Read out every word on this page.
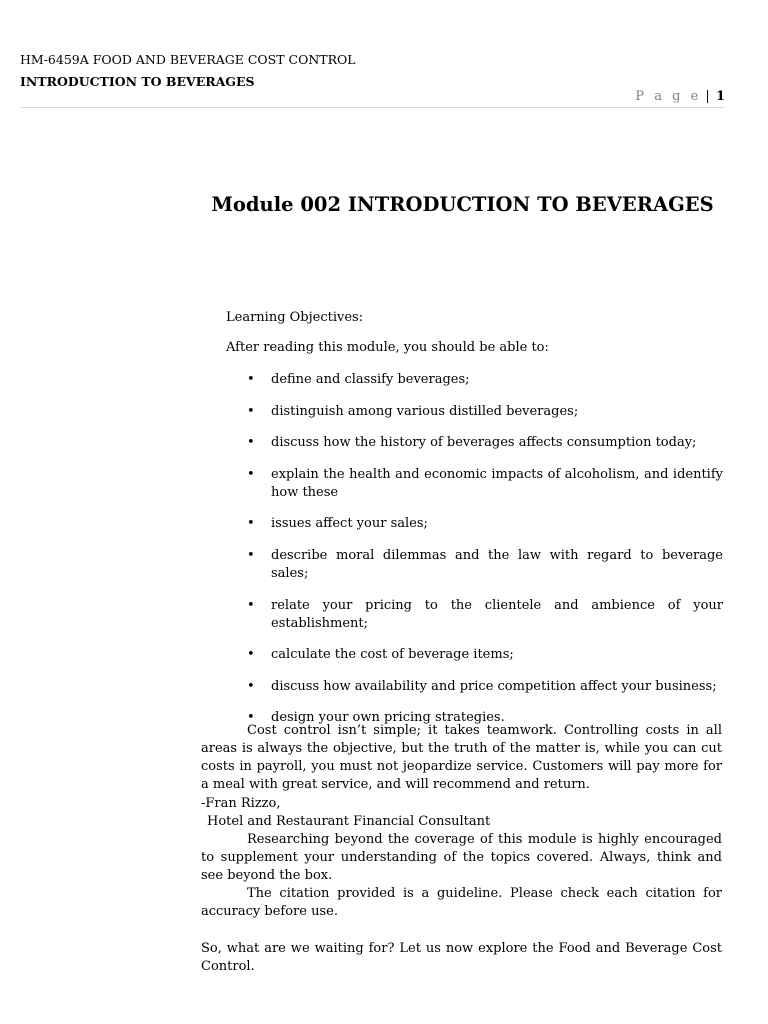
HM-6459A FOOD AND BEVERAGE COST CONTROL
INTRODUCTION TO BEVERAGES
P a g e | 1
Module 002 INTRODUCTION TO BEVERAGES
Learning Objectives:
After reading this module, you should be able to:
• define and classify beverages;
• distinguish among various distilled beverages;
• discuss how the history of beverages affects consumption today;
• explain the health and economic impacts of alcoholism, and identify how these
• issues affect your sales;
• describe moral dilemmas and the law with regard to beverage sales;
• relate your pricing to the clientele and ambience of your establishment;
• calculate the cost of beverage items;
• discuss how availability and price competition affect your business;
• design your own pricing strategies.

Cost control isn’t simple; it takes teamwork. Controlling costs in all areas is always the objective, but the truth of the matter is, while you can cut costs in payroll, you must not jeopardize service. Customers will pay more for a meal with great service, and will recommend and return.

-Fran Rizzo,
Hotel and Restaurant Financial Consultant

Researching beyond the coverage of this module is highly encouraged to supplement your understanding of the topics covered. Always, think and see beyond the box.

The citation provided is a guideline. Please check each citation for accuracy before use.

So, what are we waiting for? Let us now explore the Food and Beverage Cost Control.
